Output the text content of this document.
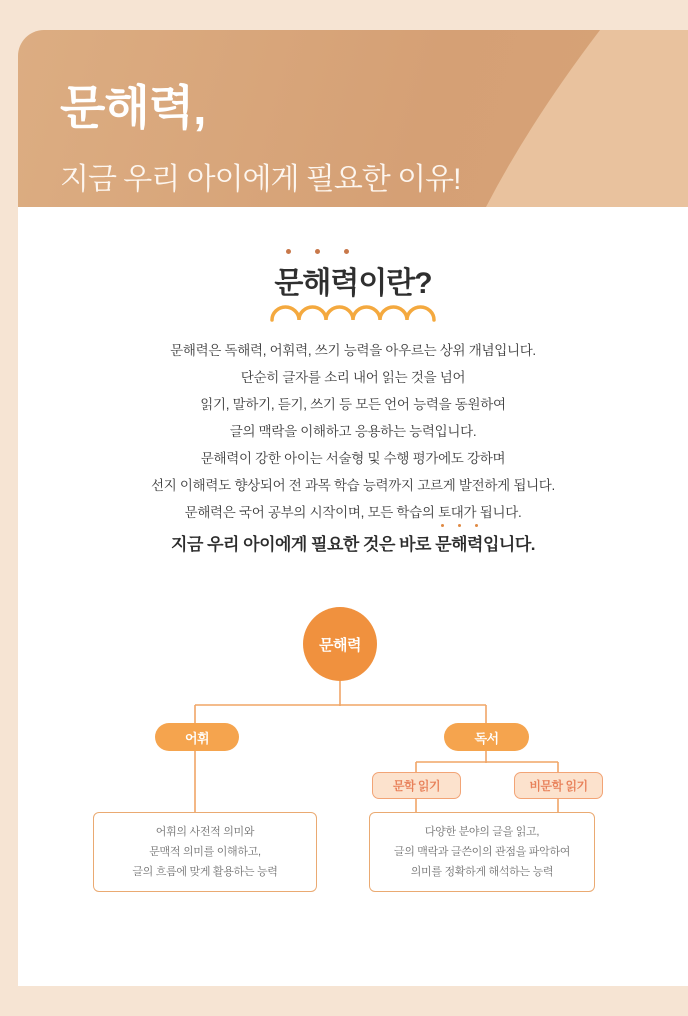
문해력,
지금 우리 아이에게 필요한 이유!
문해력이란?
문해력은 독해력, 어휘력, 쓰기 능력을 아우르는 상위 개념입니다.
단순히 글자를 소리 내어 읽는 것을 넘어
읽기, 말하기, 듣기, 쓰기 등 모든 언어 능력을 동원하여
글의 맥락을 이해하고 응용하는 능력입니다.
문해력이 강한 아이는 서술형 및 수행 평가에도 강하며
선지 이해력도 향상되어 전 과목 학습 능력까지 고르게 발전하게 됩니다.
문해력은 국어 공부의 시작이며, 모든 학습의 토대가 됩니다.
지금 우리 아이에게 필요한 것은 바로
문해력입니다.
문해력
어휘	독서
문학 읽기	비문학 읽기
어휘의 사전적 의미와
문맥적 의미를 이해하고,
글의 흐름에 맞게 활용하는 능력
다양한 분야의 글을 읽고,
글의 맥락과 글쓴이의 관점을 파악하여
의미를 정확하게 해석하는 능력
